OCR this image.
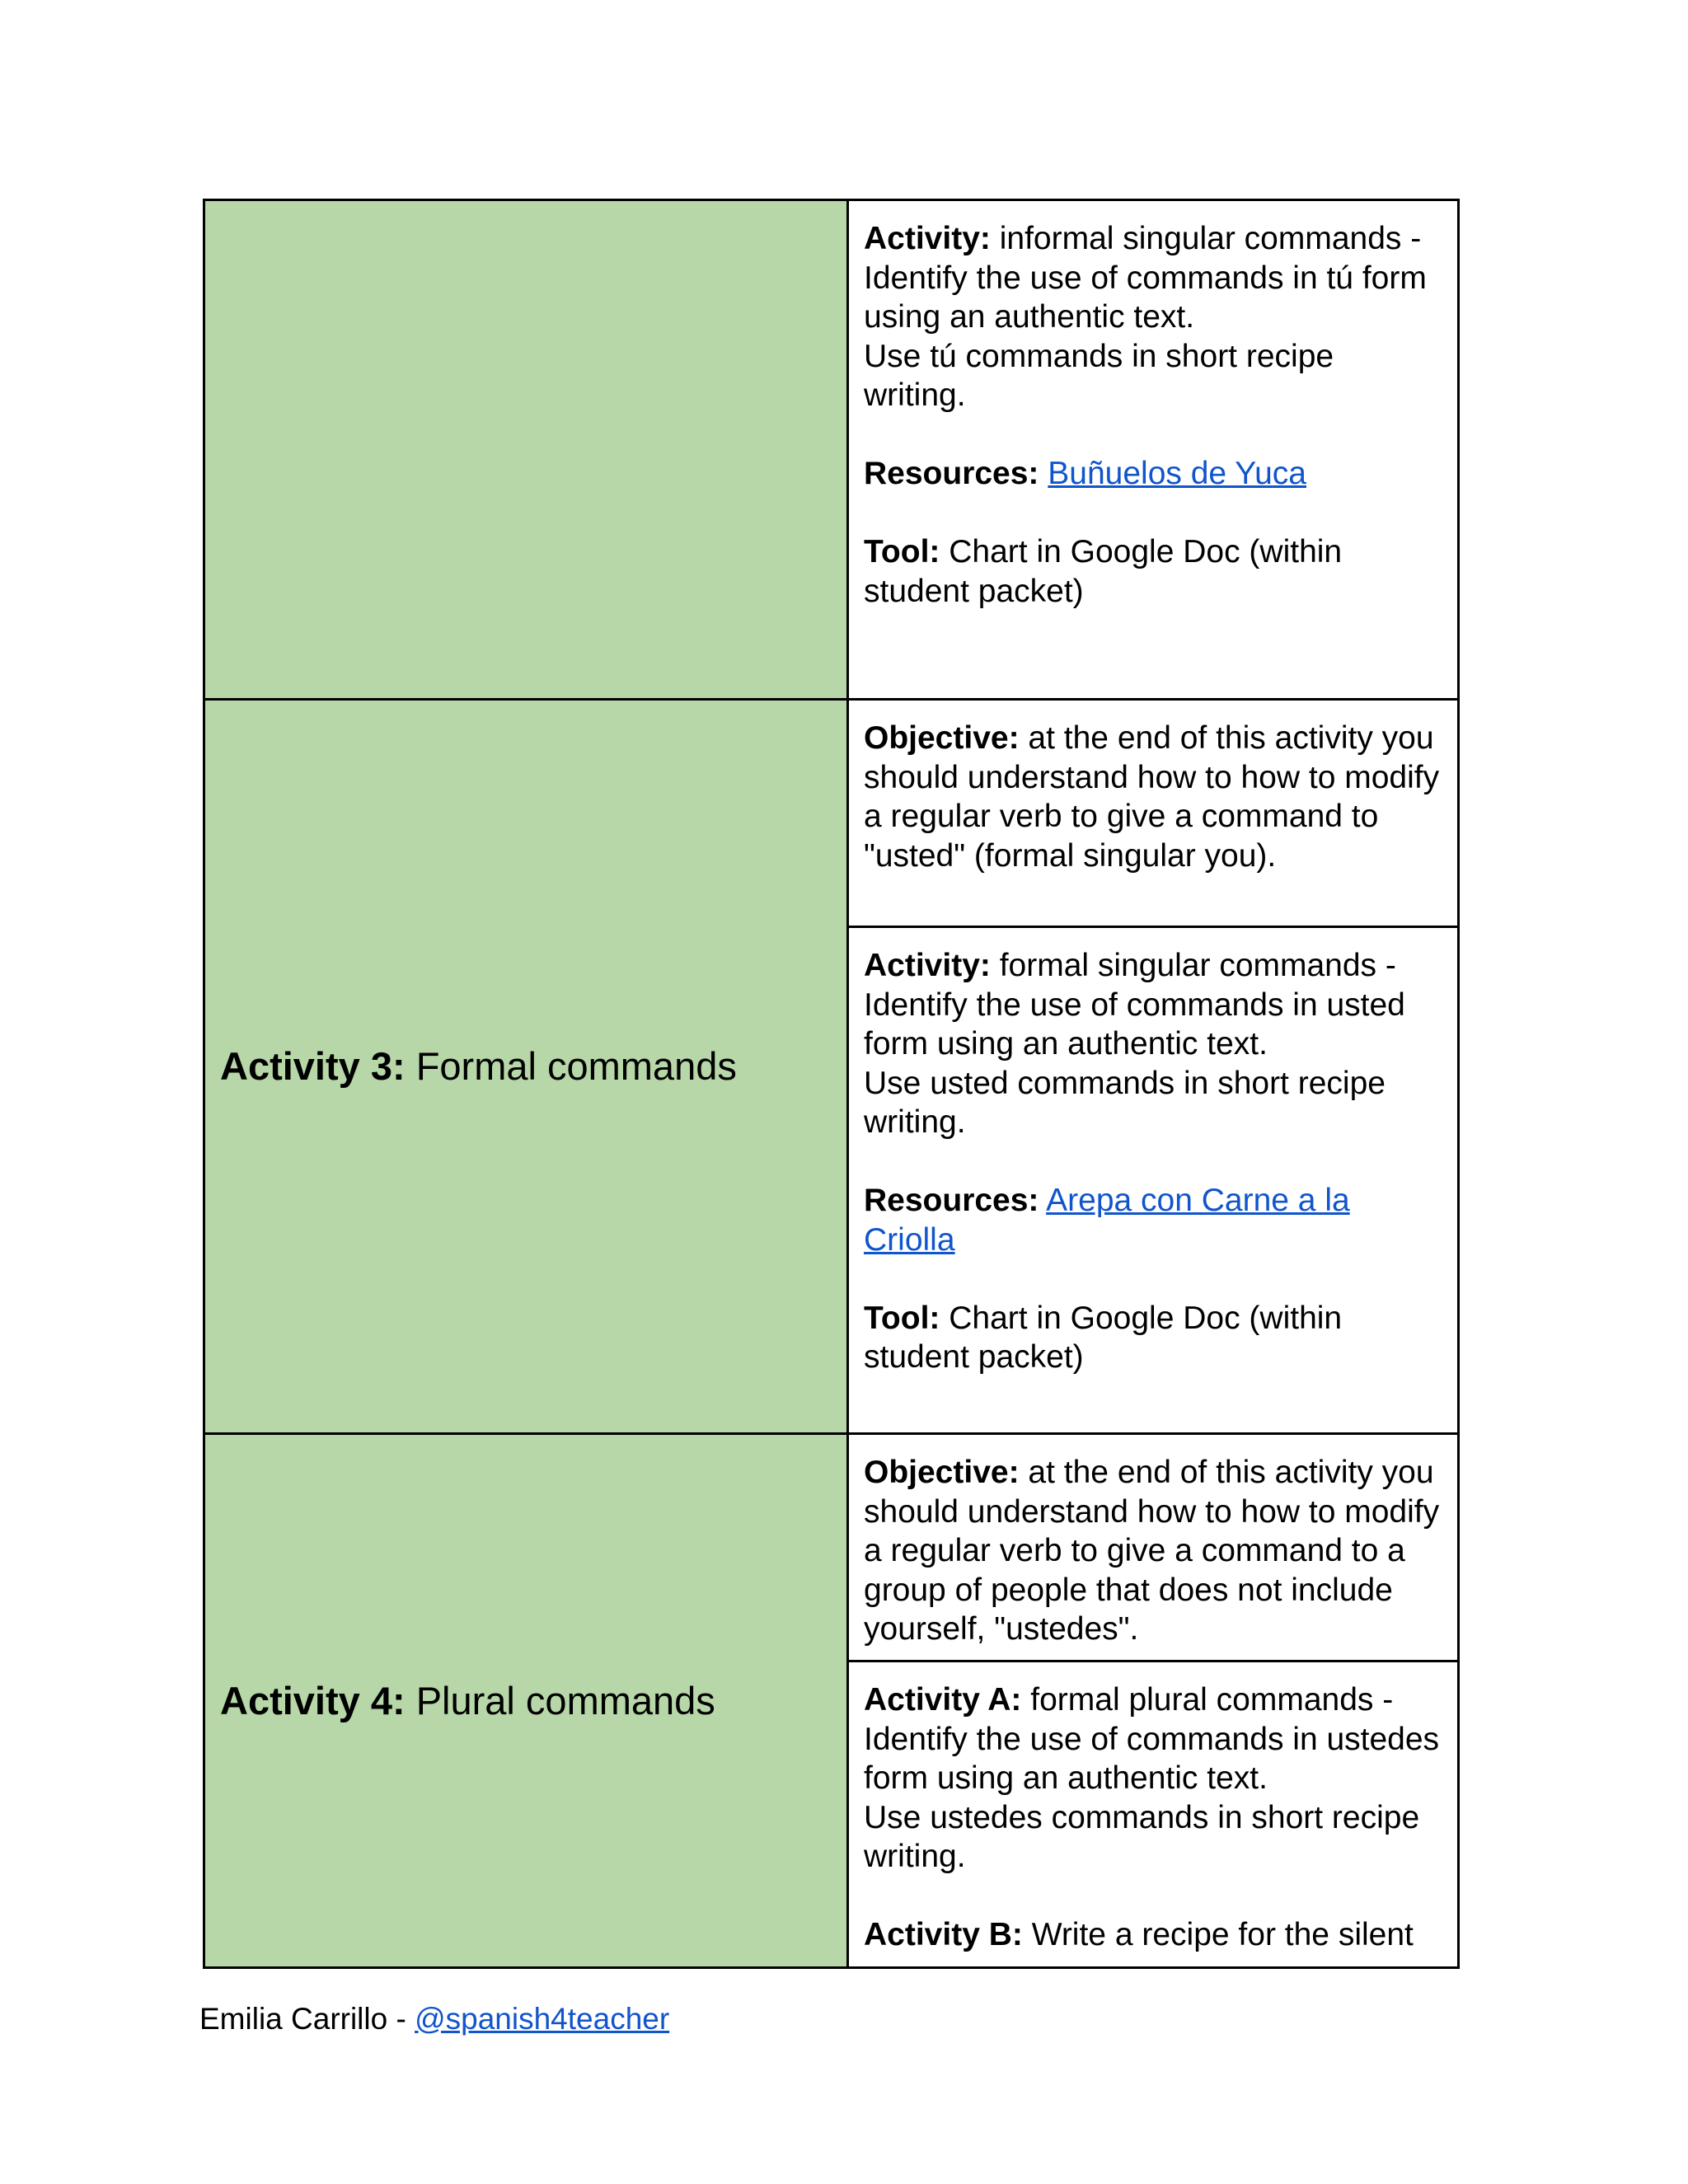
	Activity: informal singular commands - Identify the use of commands in tú form using an authentic text.
Use tú commands in short recipe writing.
Resources: Buñuelos de Yuca
Tool: Chart in Google Doc (within student packet)

Activity 3: Formal commands	Objective: at the end of this activity you should understand how to how to modify a regular verb to give a command to "usted" (formal singular you).

	Activity: formal singular commands - Identify the use of commands in usted form using an authentic text.
Use usted commands in short recipe writing.
Resources: Arepa con Carne a la Criolla
Tool: Chart in Google Doc (within student packet)

Activity 4: Plural commands	Objective: at the end of this activity you should understand how to how to modify a regular verb to give a command to a group of people that does not include yourself, "ustedes".

	Activity A: formal plural commands - Identify the use of commands in ustedes form using an authentic text.
Use ustedes commands in short recipe writing.
Activity B: Write a recipe for the silent
Emilia Carrillo - @spanish4teacher
